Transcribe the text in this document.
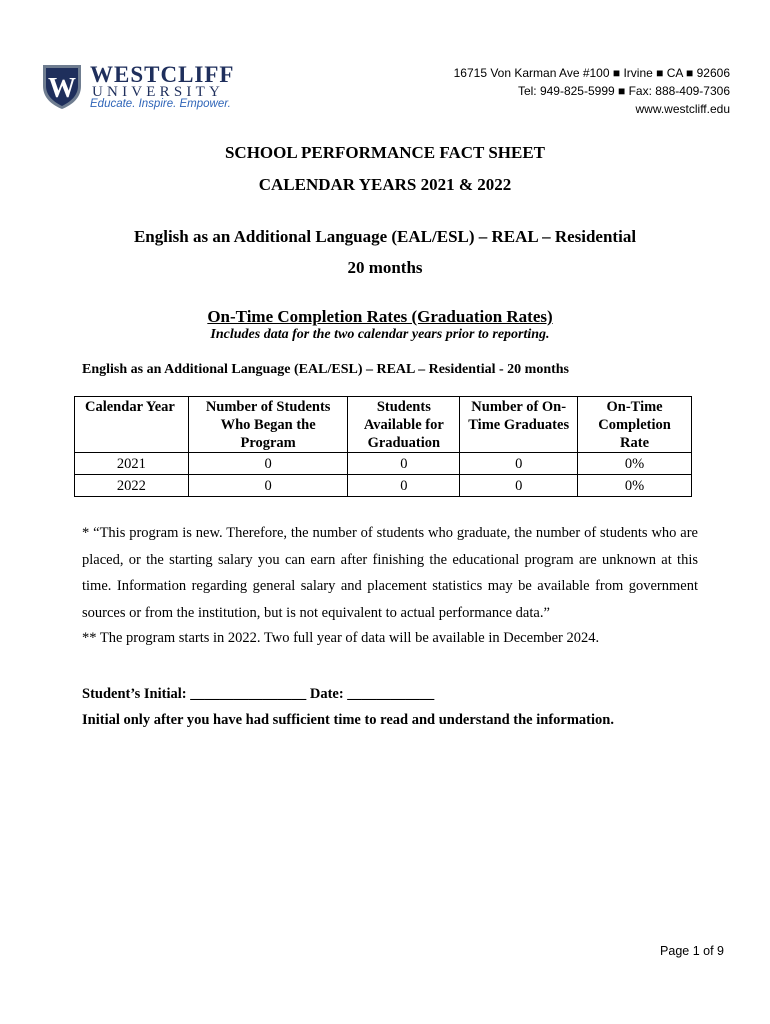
W WESTCLIFF
UNIVERSITY
Educate. Inspire. Empower.
16715 Von Karman Ave #100 ■ Irvine ■ CA ■ 92606
Tel: 949-825-5999 ■ Fax: 888-409-7306
www.westcliff.edu
SCHOOL PERFORMANCE FACT SHEET
CALENDAR YEARS 2021 & 2022
English as an Additional Language (EAL/ESL) – REAL – Residential
20 months
On-Time Completion Rates (Graduation Rates)
Includes data for the two calendar years prior to reporting.
English as an Additional Language (EAL/ESL) – REAL – Residential - 20 months
Calendar Year	Number of Students Who Began the Program	Students Available for Graduation	Number of On-Time Graduates	On-Time Completion Rate
2021	0	0	0	0%
2022	0	0	0	0%
* “This program is new. Therefore, the number of students who graduate, the number of students who are placed, or the starting salary you can earn after finishing the educational program are unknown at this time. Information regarding general salary and placement statistics may be available from government sources or from the institution, but is not equivalent to actual performance data.”
** The program starts in 2022. Two full year of data will be available in December 2024.
Student’s Initial: ________________ Date: ____________
Initial only after you have had sufficient time to read and understand the information.
Page 1 of 9
